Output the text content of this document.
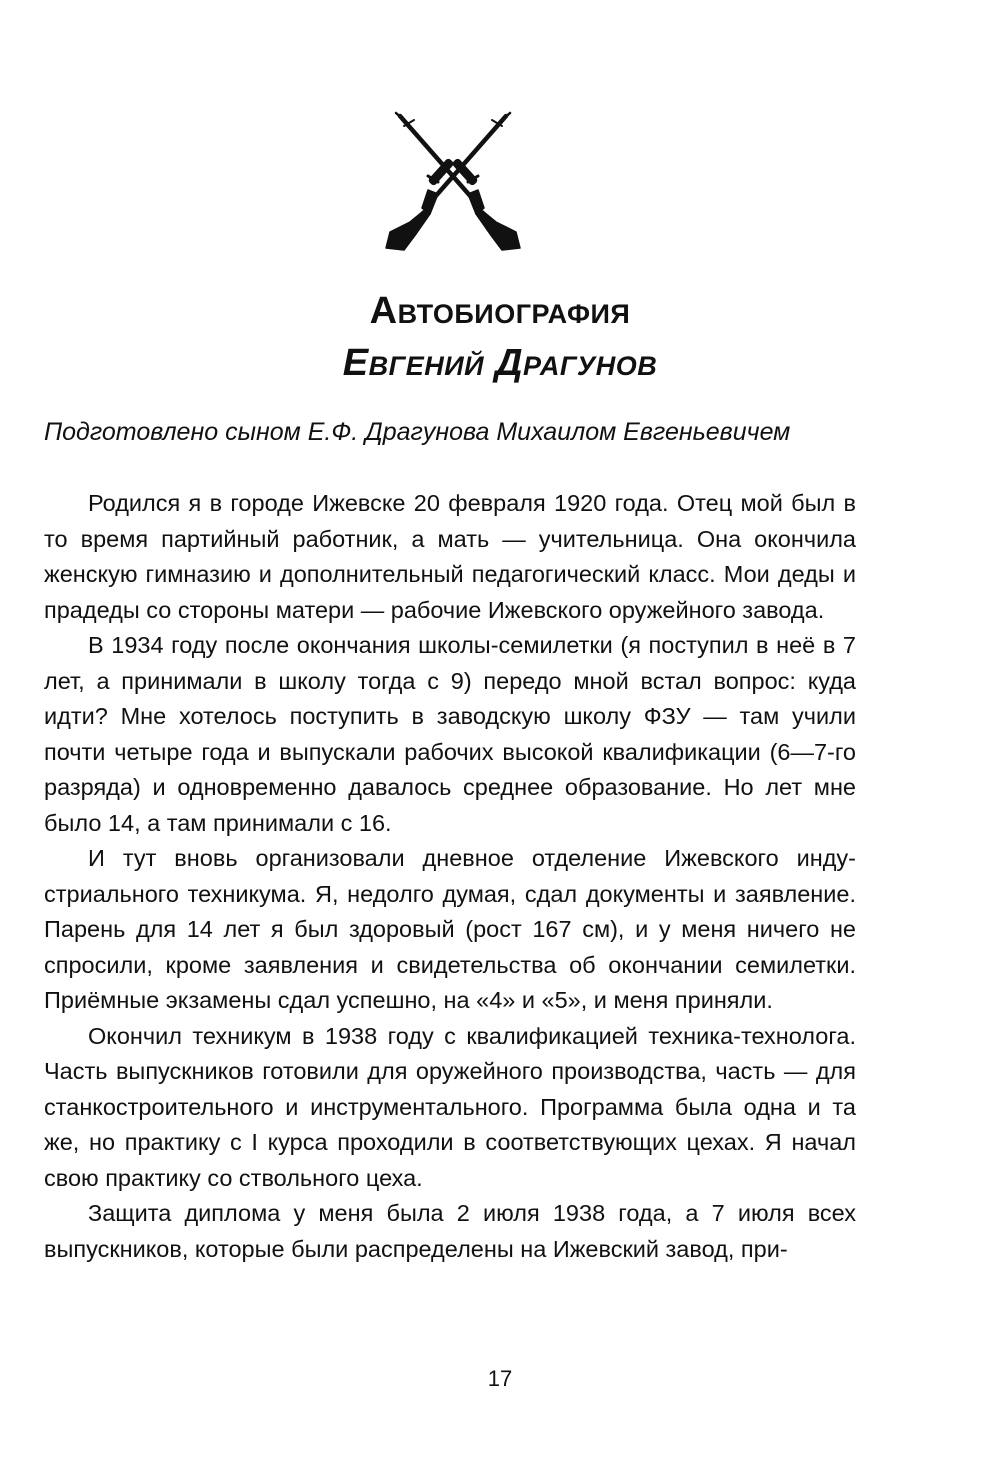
Автобиография
Евгений Драгунов

Подготовлено сыном Е.Ф. Драгунова Михаилом Евгеньевичем

Родился я в городе Ижевске 20 февраля 1920 года. Отец мой был в то время партийный работник, а мать — учительница. Она окончила женскую гимназию и дополнительный педагогический класс. Мои деды и прадеды со стороны матери — рабочие Ижевского оружейного завода.

В 1934 году после окончания школы-семилетки (я поступил в неё в 7 лет, а принимали в школу тогда с 9) передо мной встал вопрос: куда идти? Мне хотелось поступить в заводскую школу ФЗУ — там учили почти четыре года и выпускали рабочих высокой квалификации (6—7-го разряда) и одновременно давалось среднее образование. Но лет мне было 14, а там принимали с 16.

И тут вновь организовали дневное отделение Ижевского индустриального техникума. Я, недолго думая, сдал документы и заявление. Парень для 14 лет я был здоровый (рост 167 см), и у меня ничего не спросили, кроме заявления и свидетельства об окончании семилетки. Приёмные экзамены сдал успешно, на «4» и «5», и меня приняли.

Окончил техникум в 1938 году с квалификацией техника-технолога. Часть выпускников готовили для оружейного производства, часть — для станкостроительного и инструментального. Программа была одна и та же, но практику с I курса проходили в соответствующих цехах. Я начал свою практику со ствольного цеха.

Защита диплома у меня была 2 июля 1938 года, а 7 июля всех выпускников, которые были распределены на Ижевский завод, при-

17
